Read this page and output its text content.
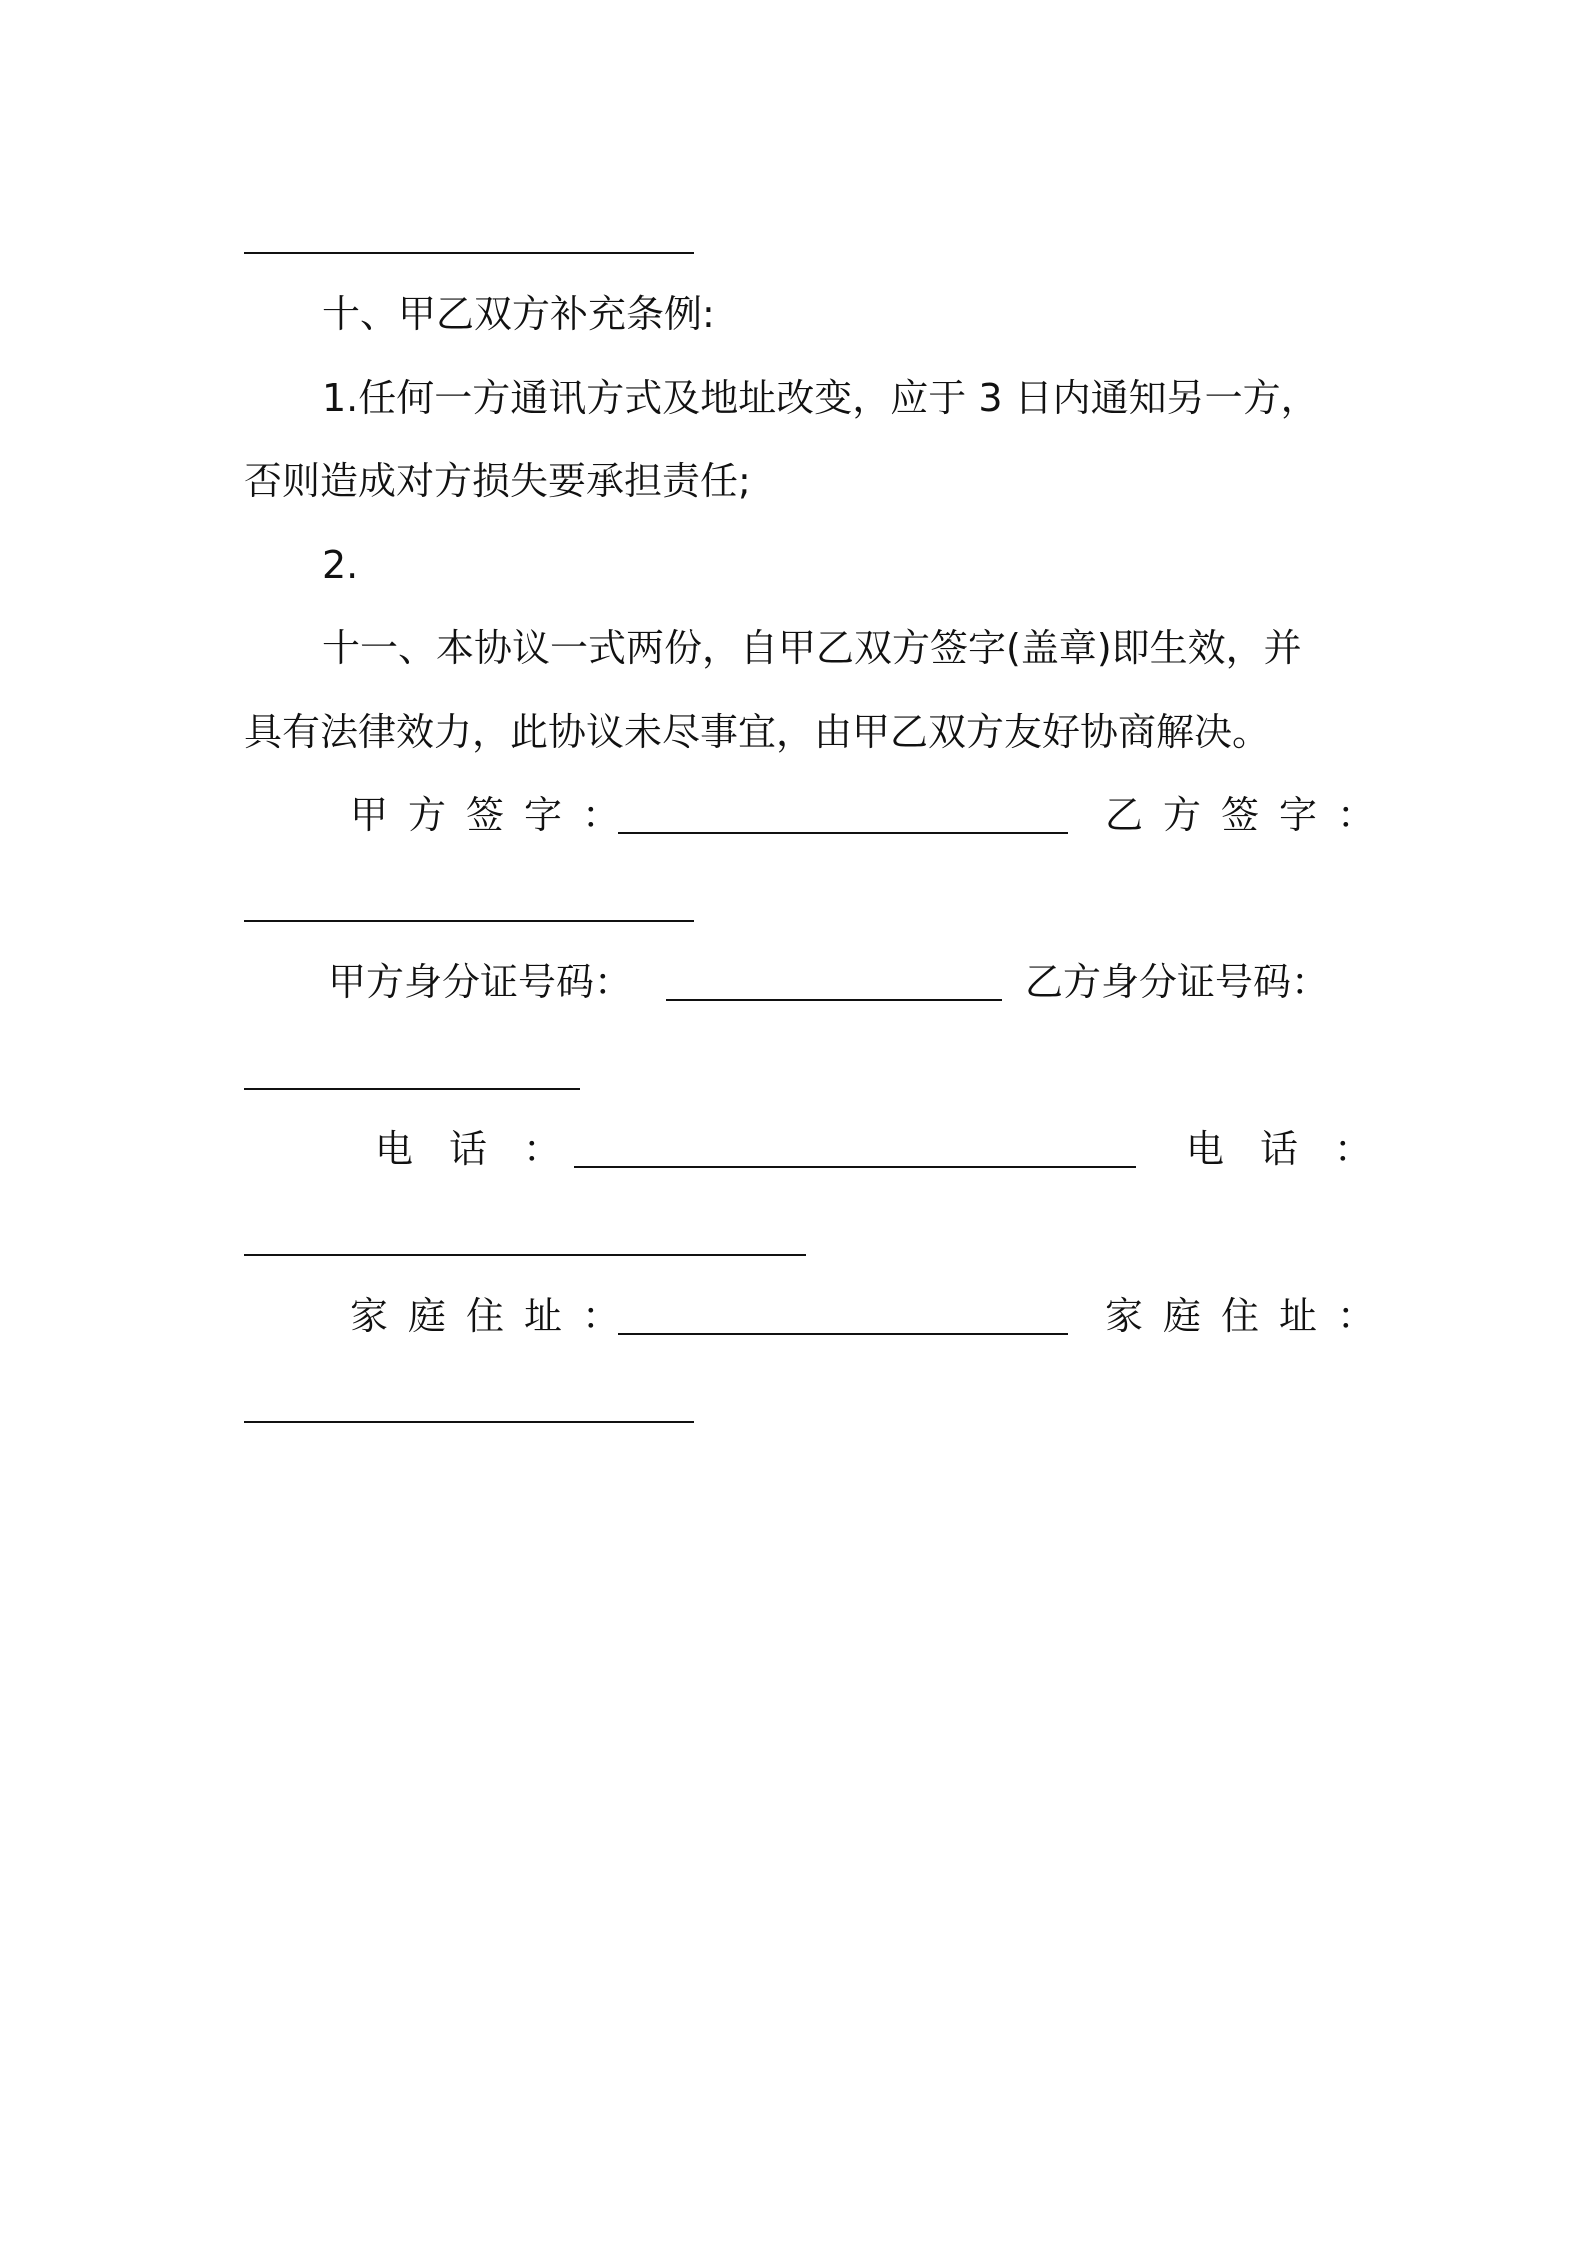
十、甲乙双方补充条例:
1.任何一方通讯方式及地址改变，应于 3 日内通知另一方，
否则造成对方损失要承担责任;
2.
十一、本协议一式两份，自甲乙双方签字(盖章)即生效，并
具有法律效力，此协议未尽事宜，由甲乙双方友好协商解决。
甲方签字：	乙方签字：
甲方身分证号码：	乙方身分证号码：
电话：	电话：
家庭住址：	家庭住址：
